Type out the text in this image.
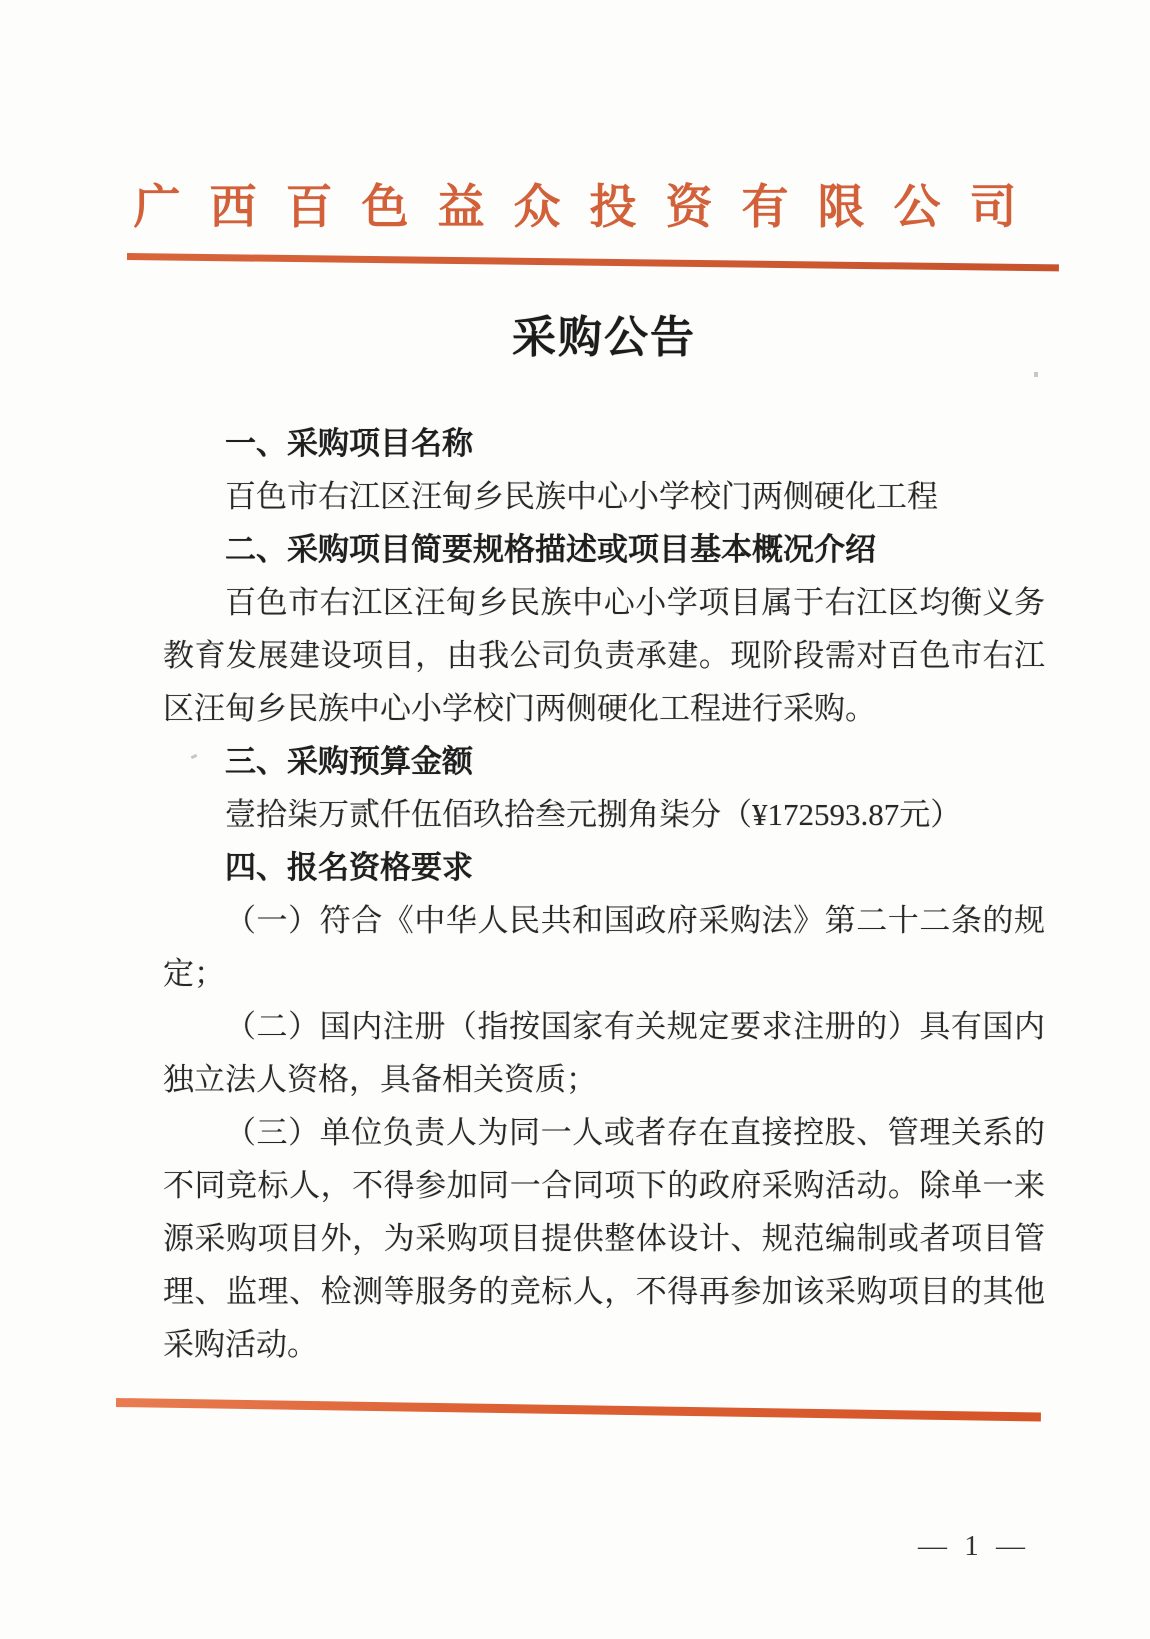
广西百色益众投资有限公司
采购公告

一、采购项目名称

百色市右江区汪甸乡民族中心小学校门两侧硬化工程

二、采购项目简要规格描述或项目基本概况介绍

百色市右江区汪甸乡民族中心小学项目属于右江区均衡义务教育发展建设项目，由我公司负责承建。现阶段需对百色市右江区汪甸乡民族中心小学校门两侧硬化工程进行采购。

三、采购预算金额

壹拾柒万贰仟伍佰玖拾叁元捌角柒分（¥172593.87元）

四、报名资格要求

（一）符合《中华人民共和国政府采购法》第二十二条的规定；

（二）国内注册（指按国家有关规定要求注册的）具有国内独立法人资格，具备相关资质；

（三）单位负责人为同一人或者存在直接控股、管理关系的不同竞标人，不得参加同一合同项下的政府采购活动。除单一来源采购项目外，为采购项目提供整体设计、规范编制或者项目管理、监理、检测等服务的竞标人，不得再参加该采购项目的其他采购活动。

— 1 —
